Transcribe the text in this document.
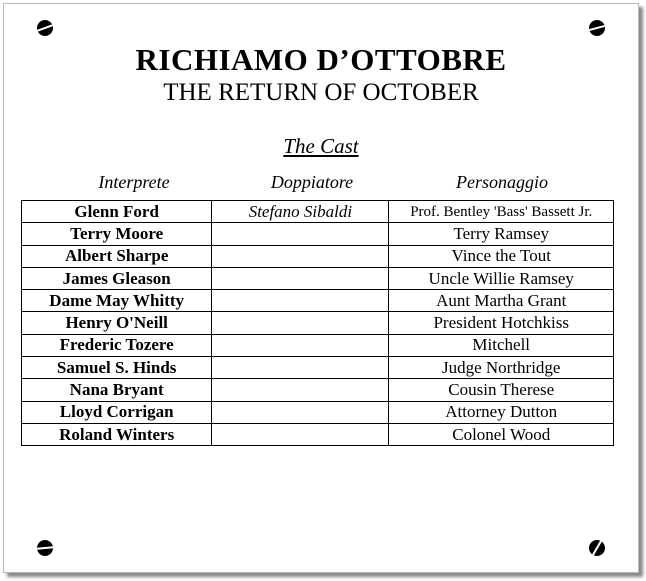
RICHIAMO D’OTTOBRE
THE RETURN OF OCTOBER
The Cast
Interprete	Doppiatore	Personaggio
Glenn Ford	Stefano Sibaldi	Prof. Bentley 'Bass' Bassett Jr.
Terry Moore		Terry Ramsey
Albert Sharpe		Vince the Tout
James Gleason		Uncle Willie Ramsey
Dame May Whitty		Aunt Martha Grant
Henry O'Neill		President Hotchkiss
Frederic Tozere		Mitchell
Samuel S. Hinds		Judge Northridge
Nana Bryant		Cousin Therese
Lloyd Corrigan		Attorney Dutton
Roland Winters		Colonel Wood
